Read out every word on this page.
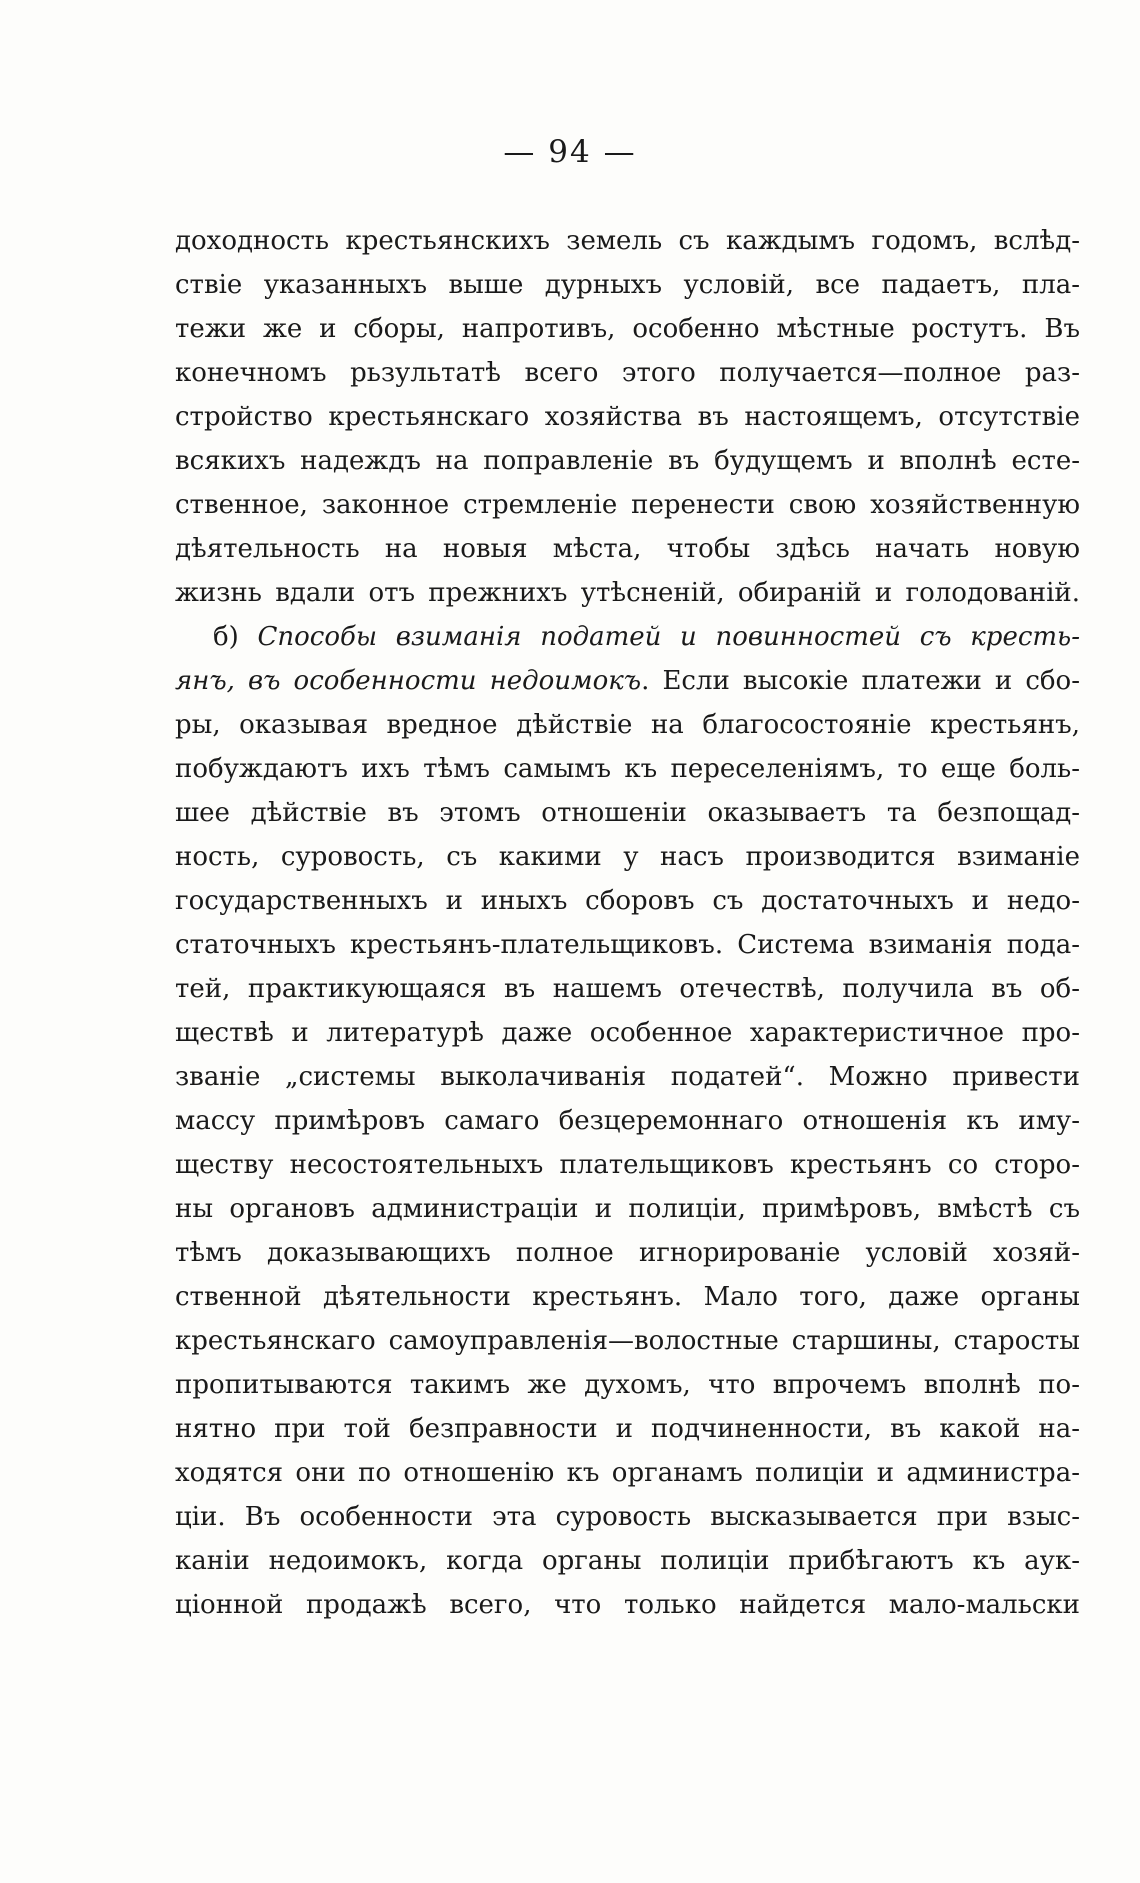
— 94 —
доходность крестьянскихъ земель съ каждымъ годомъ, вслѣд-
ствіе указанныхъ выше дурныхъ условій, все падаетъ, пла-
тежи же и сборы, напротивъ, особенно мѣстные ростутъ. Въ
конечномъ рьзультатѣ всего этого получается—полное раз-
стройство крестьянскаго хозяйства въ настоящемъ, отсутствіе
всякихъ надеждъ на поправленіе въ будущемъ и вполнѣ есте-
ственное, законное стремленіе перенести свою хозяйственную
дѣятельность на новыя мѣста, чтобы здѣсь начать новую
жизнь вдали отъ прежнихъ утѣсненій, обираній и голодованій.
б) Способы взиманія податей и повинностей съ кресть-
янъ, въ особенности недоимокъ. Если высокіе платежи и сбо-
ры, оказывая вредное дѣйствіе на благосостояніе крестьянъ,
побуждаютъ ихъ тѣмъ самымъ къ переселеніямъ, то еще боль-
шее дѣйствіе въ этомъ отношеніи оказываетъ та безпощад-
ность, суровость, съ какими у насъ производится взиманіе
государственныхъ и иныхъ сборовъ съ достаточныхъ и недо-
статочныхъ крестьянъ-плательщиковъ. Система взиманія пода-
тей, практикующаяся въ нашемъ отечествѣ, получила въ об-
ществѣ и литературѣ даже особенное характеристичное про-
званіе „системы выколачиванія податей“. Можно привести
массу примѣровъ самаго безцеремоннаго отношенія къ иму-
ществу несостоятельныхъ плательщиковъ крестьянъ со сторо-
ны органовъ администраціи и полиціи, примѣровъ, вмѣстѣ съ
тѣмъ доказывающихъ полное игнорированіе условій хозяй-
ственной дѣятельности крестьянъ. Мало того, даже органы
крестьянскаго самоуправленія—волостные старшины, старосты
пропитываются такимъ же духомъ, что впрочемъ вполнѣ по-
нятно при той безправности и подчиненности, въ какой на-
ходятся они по отношенію къ органамъ полиціи и администра-
ціи. Въ особенности эта суровость высказывается при взыс-
каніи недоимокъ, когда органы полиціи прибѣгаютъ къ аук-
ціонной продажѣ всего, что только найдется мало-мальски
